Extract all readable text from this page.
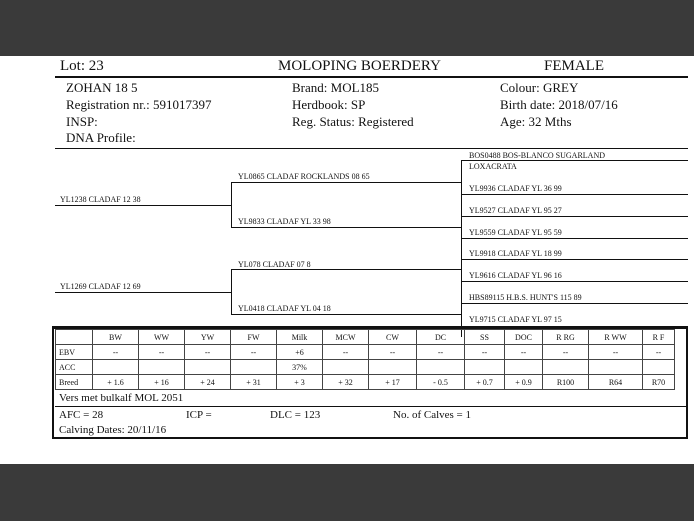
Lot: 23	MOLOPING BOERDERY	FEMALE
ZOHAN 18 5
Registration nr.: 591017397
INSP:
DNA Profile:
Brand: MOL185
Herdbook: SP
Reg. Status: Registered
Colour: GREY
Birth date: 2018/07/16
Age: 32 Mths
YL1238 CLADAF 12 38
YL1269 CLADAF 12 69
YL0865 CLADAF ROCKLANDS 08 65
YL9833 CLADAF YL 33 98
YL078 CLADAF 07 8
YL0418 CLADAF YL 04 18
BOS0488 BOS-BLANCO SUGARLAND
LOXACRATA
YL9936 CLADAF YL 36 99
YL9527 CLADAF YL 95 27
YL9559 CLADAF YL 95 59
YL9918 CLADAF YL 18 99
YL9616 CLADAF YL 96 16
HBS89115 H.B.S. HUNT'S 115 89
YL9715 CLADAF YL 97 15
	BW	WW	YW	FW	Milk	MCW	CW	DC	SS	DOC	R RG	R WW	R F
EBV	--	--	--	--	+6	--	--	--	--	--	--	--	--
ACC					37%								
Breed	+ 1.6	+ 16	+ 24	+ 31	+ 3	+ 32	+ 17	- 0.5	+ 0.7	+ 0.9	R100	R64	R70
Vers met bulkalf MOL 2051
AFC = 28	ICP =	DLC = 123	No. of Calves = 1
Calving Dates: 20/11/16
